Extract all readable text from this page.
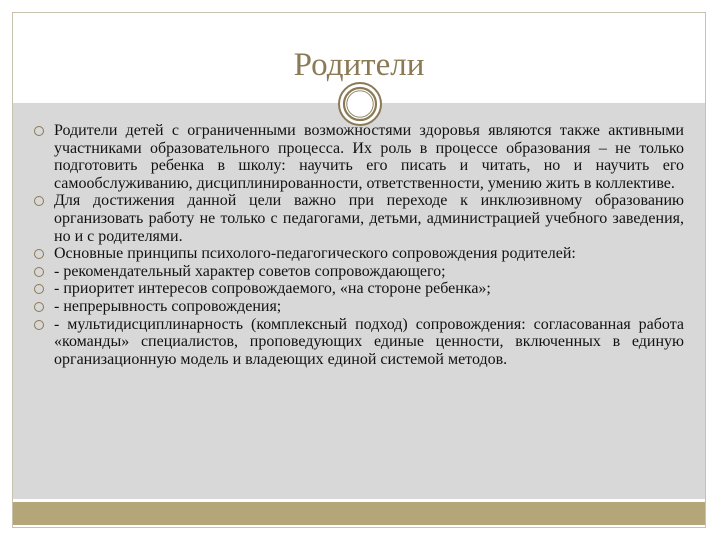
Родители
Родители детей с ограниченными возможностями здоровья являются также активными участниками образовательного процесса. Их роль в процессе образования – не только подготовить ребенка в школу: научить его писать и читать, но и научить его самообслуживанию, дисциплинированности, ответственности, умению жить в коллективе.
Для достижения данной цели важно при переходе к инклюзивному образованию организовать работу не только с педагогами, детьми, администрацией учебного заведения, но и с родителями.
Основные принципы психолого-педагогического сопровождения родителей:
- рекомендательный характер советов сопровождающего;
- приоритет интересов сопровождаемого, «на стороне ребенка»;
- непрерывность сопровождения;
- мультидисциплинарность (комплексный подход) сопровождения: согласованная работа «команды» специалистов, проповедующих единые ценности, включенных в единую организационную модель и владеющих единой системой методов.
